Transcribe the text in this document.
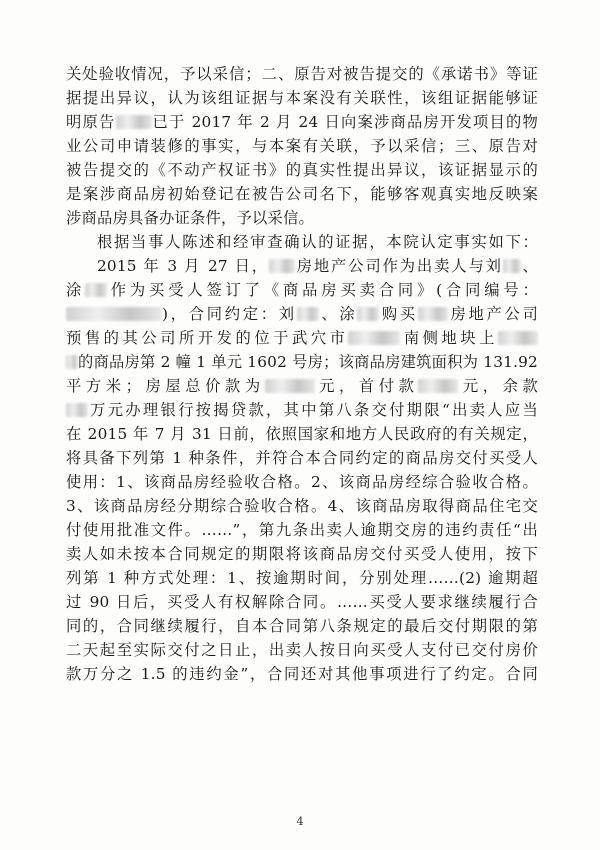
关处验收情况，予以采信；二、原告对被告提交的《承诺书》等证
据提出异议，认为该组证据与本案没有关联性，该组证据能够证
明原告 已于 2017 年 2 月 24 日向案涉商品房开发项目的物
业公司申请装修的事实，与本案有关联，予以采信；三、原告对
被告提交的《不动产权证书》的真实性提出异议，该证据显示的
是案涉商品房初始登记在被告公司名下，能够客观真实地反映案
涉商品房具备办证条件，予以采信。
根据当事人陈述和经审查确认的证据，本院认定事实如下：
2015 年 3 月 27 日， 房地产公司作为出卖人与刘 、
涂 作为买受人签订了《商品房买卖合同》(合同编号：
)，合同约定：刘 、涂 购买 房地产公司
预售的其公司所开发的位于武穴市	南侧地块上
的商品房第 2 幢 1 单元 1602 号房；该商品房建筑面积为 131.92
平方米；房屋总价款为	元，首付款	元，余款
万元办理银行按揭贷款，其中第八条交付期限“出卖人应当
在 2015 年 7 月 31 日前，依照国家和地方人民政府的有关规定，
将具备下列第 1 种条件，并符合本合同约定的商品房交付买受人
使用：1、该商品房经验收合格。2、该商品房经综合验收合格。
3、该商品房经分期综合验收合格。4、该商品房取得商品住宅交
付使用批准文件。……”，第九条出卖人逾期交房的违约责任“出
卖人如未按本合同规定的期限将该商品房交付买受人使用，按下
列第 1 种方式处理：1、按逾期时间，分别处理……(2) 逾期超
过 90 日后，买受人有权解除合同。……买受人要求继续履行合
同的，合同继续履行，自本合同第八条规定的最后交付期限的第
二天起至实际交付之日止，出卖人按日向买受人支付已交付房价
款万分之 1.5 的违约金”，合同还对其他事项进行了约定。合同
4
